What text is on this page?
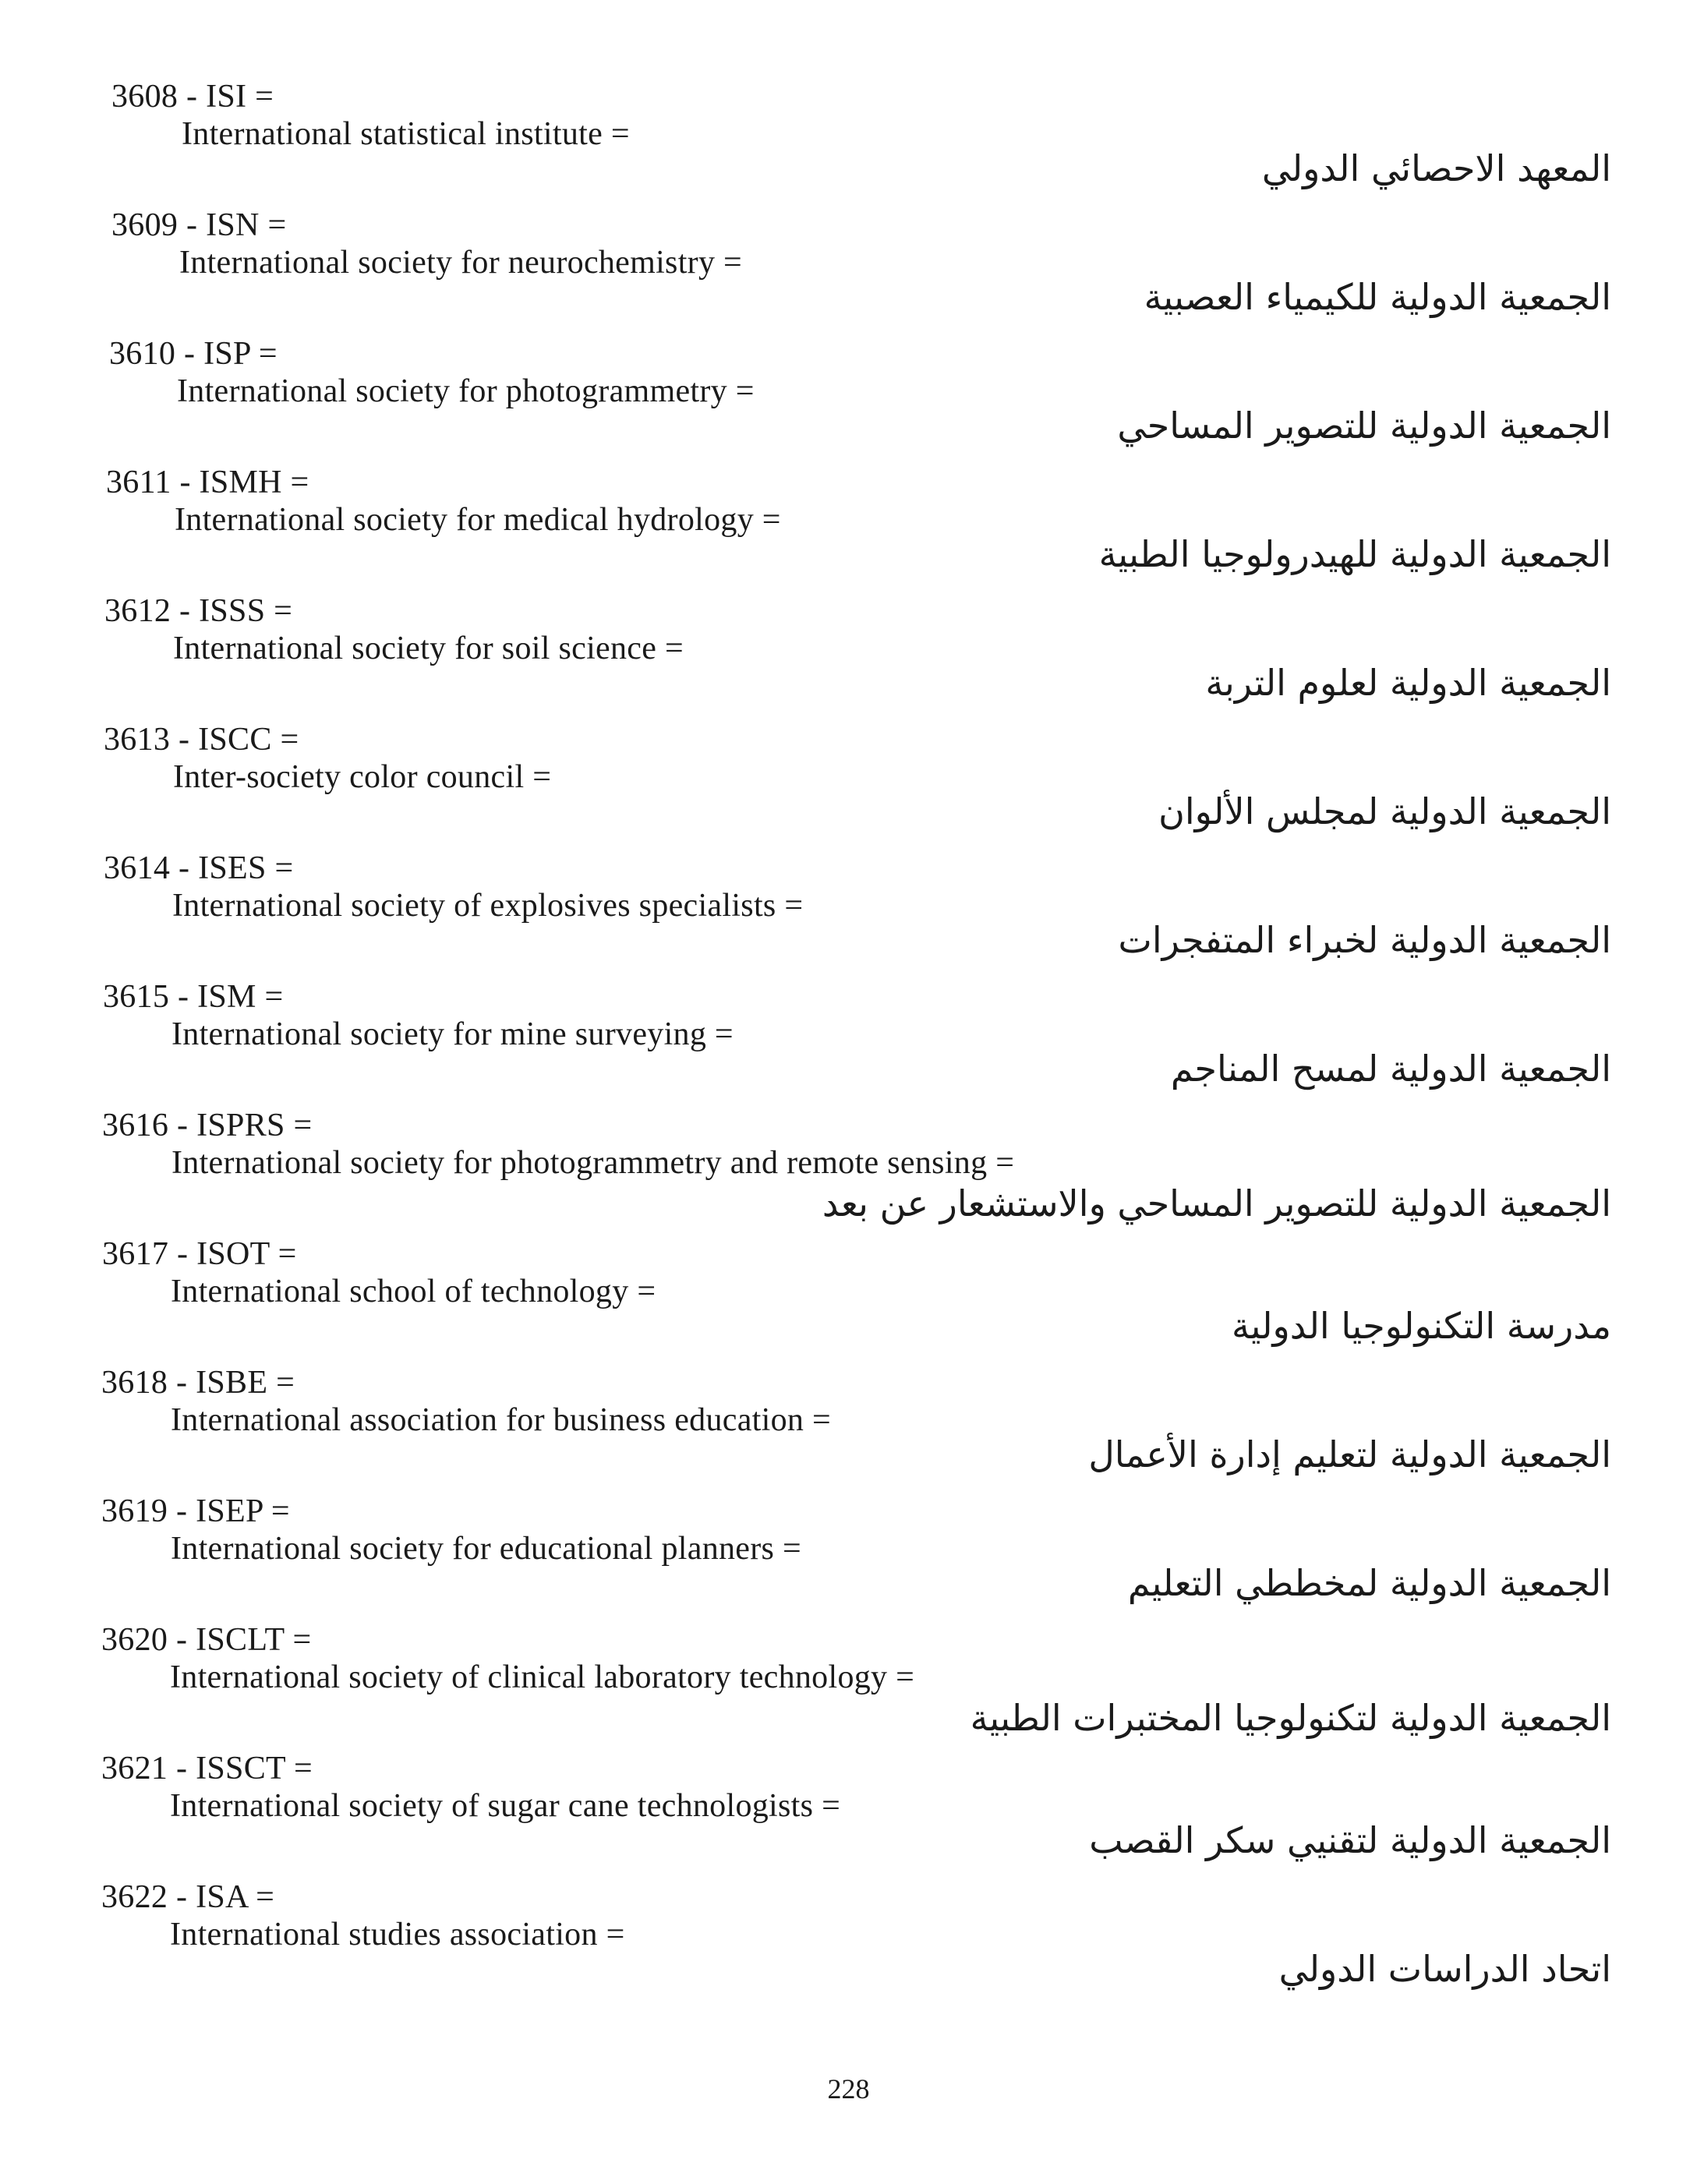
3608 - ISI =
International statistical institute =
المعهد الاحصائي الدولي
3609 - ISN =
International society for neurochemistry =
الجمعية الدولية للكيمياء العصبية
3610 - ISP =
International society for photogrammetry =
الجمعية الدولية للتصوير المساحي
3611 - ISMH =
International society for medical hydrology =
الجمعية الدولية للهيدرولوجيا الطبية
3612 - ISSS =
International society for soil science =
الجمعية الدولية لعلوم التربة
3613 - ISCC =
Inter-society color council =
الجمعية الدولية لمجلس الألوان
3614 - ISES =
International society of explosives specialists =
الجمعية الدولية لخبراء المتفجرات
3615 - ISM =
International society for mine surveying =
الجمعية الدولية لمسح المناجم
3616 - ISPRS =
International society for photogrammetry and remote sensing =
الجمعية الدولية للتصوير المساحي والاستشعار عن بعد
3617 - ISOT =
International school of technology =
مدرسة التكنولوجيا الدولية
3618 - ISBE =
International association for business education =
الجمعية الدولية لتعليم إدارة الأعمال
3619 - ISEP =
International society for educational planners =
الجمعية الدولية لمخططي التعليم
3620 - ISCLT =
International society of clinical laboratory technology =
الجمعية الدولية لتكنولوجيا المختبرات الطبية
3621 - ISSCT =
International society of sugar cane technologists =
الجمعية الدولية لتقنيي سكر القصب
3622 - ISA =
International studies association =
اتحاد الدراسات الدولي
228
